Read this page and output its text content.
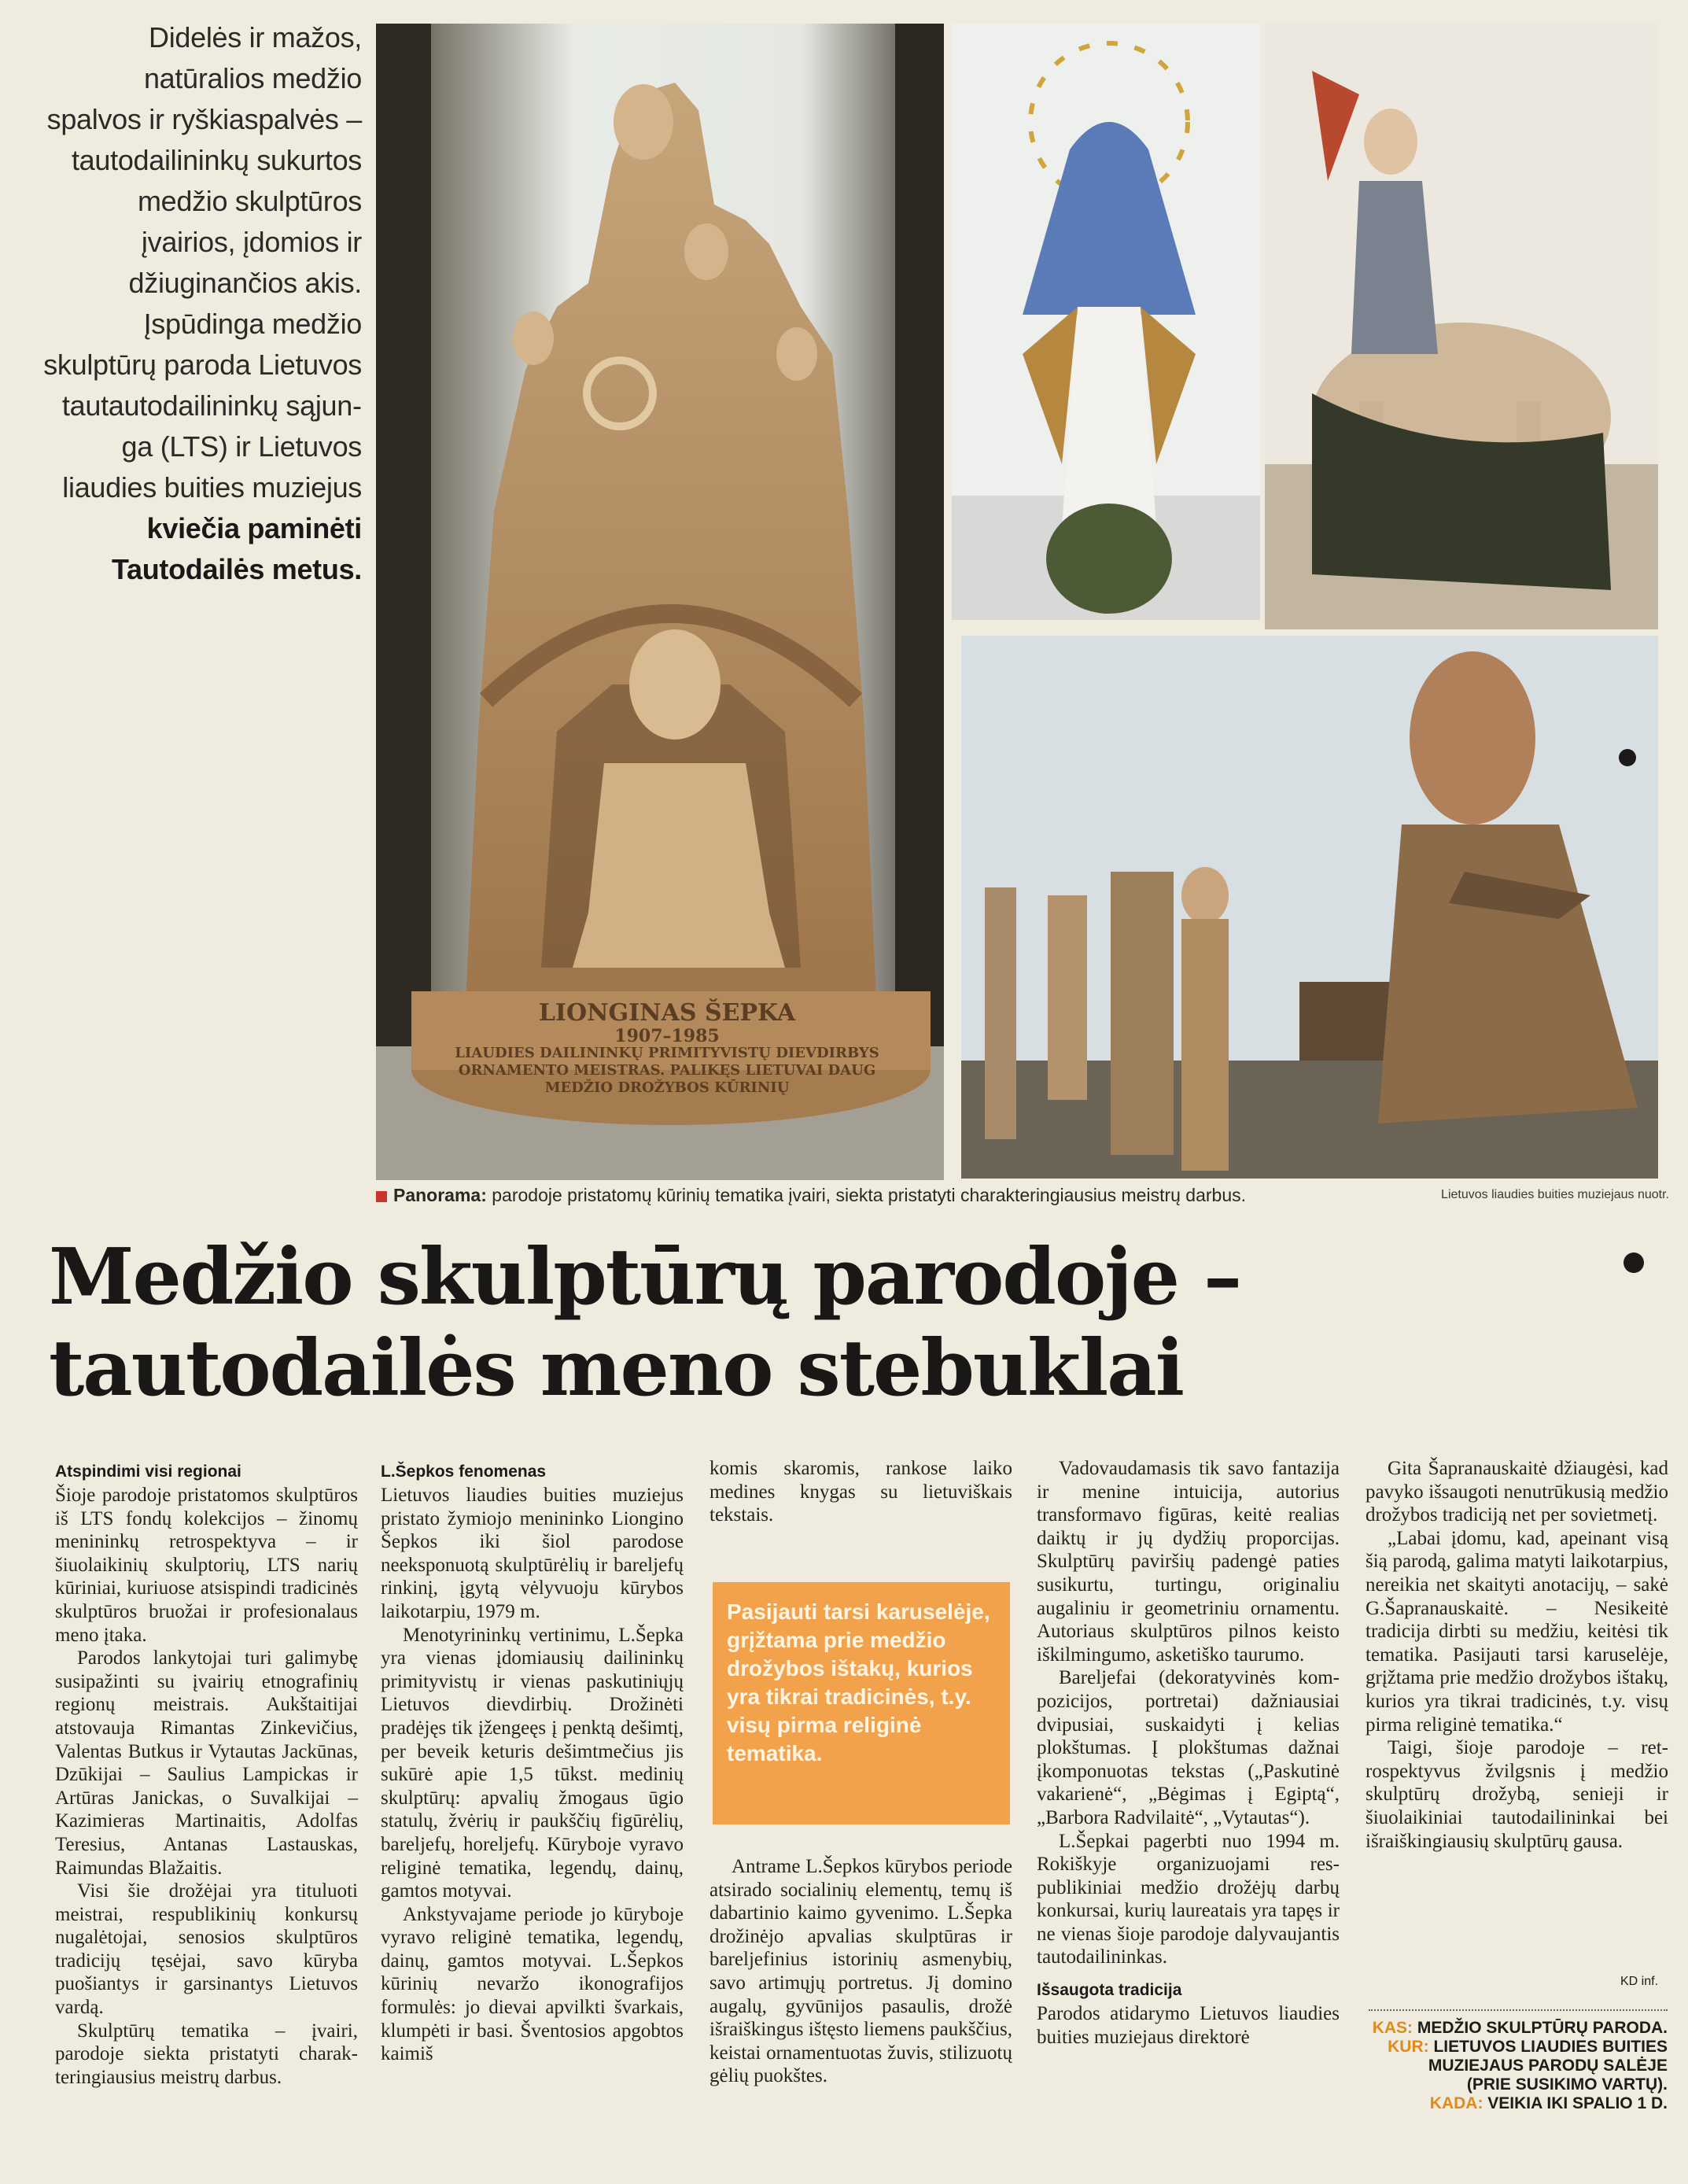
Didelės ir mažos, natūralios medžio spalvos ir ryškiaspalvės – tautodailininkų sukurtos medžio skulptūros įvairios, įdomios ir džiuginančios akis. Įspūdinga medžio skulptūrų paroda Lietuvos tautautodailininkų sąjunga (LTS) ir Lietuvos liaudies buities muziejus kviečia paminėti Tautodailės metus.
LIONGINAS ŠEPKA
1907–1985
LIAUDIES DAILININKŲ PRIMITYVISTŲ DIEVDIRBYS
ORNAMENTO MEISTRAS. PALIKĘS LIETUVAI DAUG
MEDŽIO DROŽYBOS KŪRINIŲ
Panorama: parodoje pristatomų kūrinių tematika įvairi, siekta pristatyti charakteringiausius meistrų darbus.	Lietuvos liaudies buities muziejaus nuotr.
Medžio skulptūrų parodoje –
tautodailės meno stebuklai
Atspindimi visi regionai

Šioje parodoje pristatomos skulptūros iš LTS fondų kolekcijos – žinomų menininkų retrospektyva – ir šiuolaikinių skulptorių, LTS narių kūriniai, kuriuose atsispindi tradicinės skulptūros bruožai ir profesionalaus meno įtaka.

Parodos lankytojai turi galimybę susipažinti su įvairių etnografinių regionų meistrais. Aukštaitijai atstovauja Rimantas Zinkevičius, Valentas Butkus ir Vytautas Jackūnas, Dzūkijai – Saulius Lampickas ir Artūras Janickas, o Suvalkijai – Kazimieras Martinaitis, Adolfas Teresius, Antanas Lastauskas, Raimundas Blažaitis.

Visi šie drožėjai yra tituluoti meistrai, respublikinių konkursų nugalėtojai, senosios skulptūros tradicijų tęsėjai, savo kūryba puošiantys ir garsinantys Lietuvos vardą.

Skulptūrų tematika – įvairi, parodoje siekta pristatyti charakteringiausius meistrų darbus.

L.Šepkos fenomenas

Lietuvos liaudies buities muziejus pristato žymiojo menininko Liongino Šepkos iki šiol parodose neeksponuotą skulptūrėlių ir bareljefų rinkinį, įgytą vėlyvuoju kūrybos laikotarpiu, 1979 m.

Menotyrininkų vertinimu, L.Šepka yra vienas įdomiausių dailininkų primityvistų ir vienas paskutiniųjų Lietuvos dievdirbių. Drožinėti pradėjęs tik įžengeęs į penktą dešimtį, per beveik keturis dešimtmečius jis sukūrė apie 1,5 tūkst. medinių skulptūrų: apvalių žmogaus ūgio statulų, žvėrių ir paukščių figūrėlių, bareljefų, horeljefų. Kūryboje vyravo religinė tematika, legendų, dainų, gamtos motyvai.

Ankstyvajame periode jo kūryboje vyravo religinė tematika, legendų, dainų, gamtos motyvai. L.Šepkos kūrinių nevaržo ikonografijos formulės: jo dievai apvilkti švarkais, klumpėti ir basi. Šventosios apgobtos kaimiš

komis skaromis, rankose laiko medines knygas su lietuviškais tekstais.

Pasijauti tarsi karuselėje, grįžtama prie medžio drožybos ištakų, kurios yra tikrai tradicinės, t.y. visų pirma religinė tematika.

Antrame L.Šepkos kūrybos periode atsirado socialinių elementų, temų iš dabartinio kaimo gyvenimo. L.Šepka drožinėjo apvalias skulptūras ir bareljefinius istorinių asmenybių, savo artimųjų portretus. Jį domino augalų, gyvūnijos pasaulis, drožė išraiškingus ištęsto liemens paukščius, keistai ornamentuotas žuvis, stilizuotų gėlių puokštes.

Vadovaudamasis tik savo fantazija ir menine intuicija, autorius transformavo figūras, keitė realias daiktų ir jų dydžių proporcijas. Skulptūrų paviršių padengė paties susikurtu, turtingu, originaliu augaliniu ir geometriniu ornamentu. Autoriaus skulptūros pilnos keisto iškilmingumo, asketiško taurumo.

Bareljefai (dekoratyvinės kompozicijos, portretai) dažniausiai dvipusiai, suskaidyti į kelias plokštumas. Į plokštumas dažnai įkomponuotas tekstas („Paskutinė vakarienė“, „Bėgimas į Egiptą“, „Barbora Radvilaitė“, „Vytautas“).

L.Šepkai pagerbti nuo 1994 m. Rokiškyje organizuojami respublikiniai medžio drožėjų darbų konkursai, kurių laureatais yra tapęs ir ne vienas šioje parodoje dalyvaujantis tautodailininkas.

Išsaugota tradicija

Parodos atidarymo Lietuvos liaudies buities muziejaus direktorė

Gita Šapranauskaitė džiaugėsi, kad pavyko išsaugoti nenutrūkusią medžio drožybos tradiciją net per sovietmetį.

„Labai įdomu, kad, apeinant visą šią parodą, galima matyti laikotarpius, nereikia net skaityti anotacijų, – sakė G.Šapranauskaitė. – Nesikeitė tradicija dirbti su medžiu, keitėsi tik tematika. Pasijauti tarsi karuselėje, grįžtama prie medžio drožybos ištakų, kurios yra tikrai tradicinės, t.y. visų pirma religinė tematika.“

Taigi, šioje parodoje – retrospektyvus žvilgsnis į medžio skulptūrų drožybą, senieji ir šiuolaikiniai tautodailininkai bei išraiškingiausių skulptūrų gausa.

KD inf.
KAS: MEDŽIO SKULPTŪRŲ PARODA.
KUR: LIETUVOS LIAUDIES BUITIES
MUZIEJAUS PARODŲ SALĖJE
(PRIE SUSIKIMO VARTŲ).
KADA: VEIKIA IKI SPALIO 1 D.
